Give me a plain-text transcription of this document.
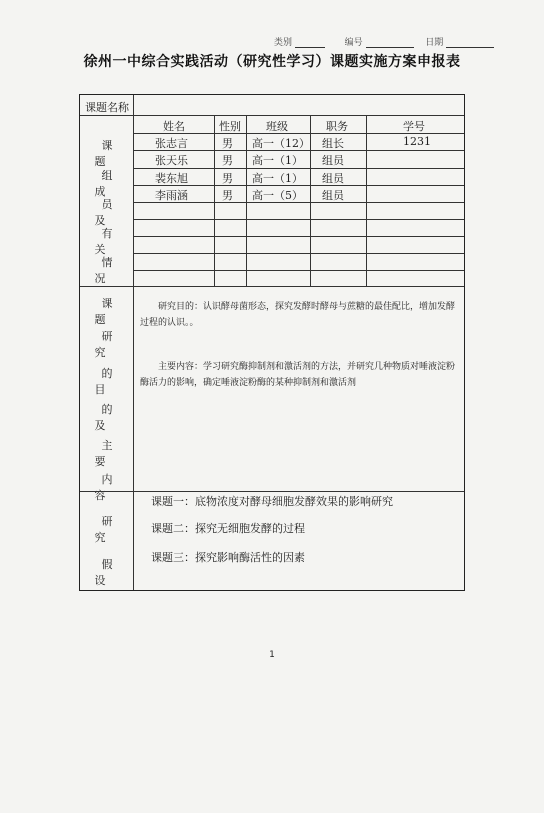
类别	编号	日期
徐州一中综合实践活动（研究性学习）课题实施方案申报表
课题名称
课 题
组 成
员 及
有 关
情 况
姓名	性别 班级	职务	学号
张志言	男 高一（12） 组长	1231
张天乐	男 高一（1） 组员
裴东旭	男 高一（1） 组员
李雨涵	男 高一（5） 组员
课 题
研 究
的 目
的 及
主 要
内 容
研究目的：认识酵母菌形态，探究发酵时酵母与蔗糖的最佳配比，增加发酵过程的认识。。
主要内容：学习研究酶抑制剂和激活剂的方法，并研究几种物质对唾液淀粉酶活力的影响，确定唾液淀粉酶的某种抑制剂和激活剂
研 究
假 设
课题一：底物浓度对酵母细胞发酵效果的影响研究
课题二：探究无细胞发酵的过程
课题三：探究影响酶活性的因素
1
